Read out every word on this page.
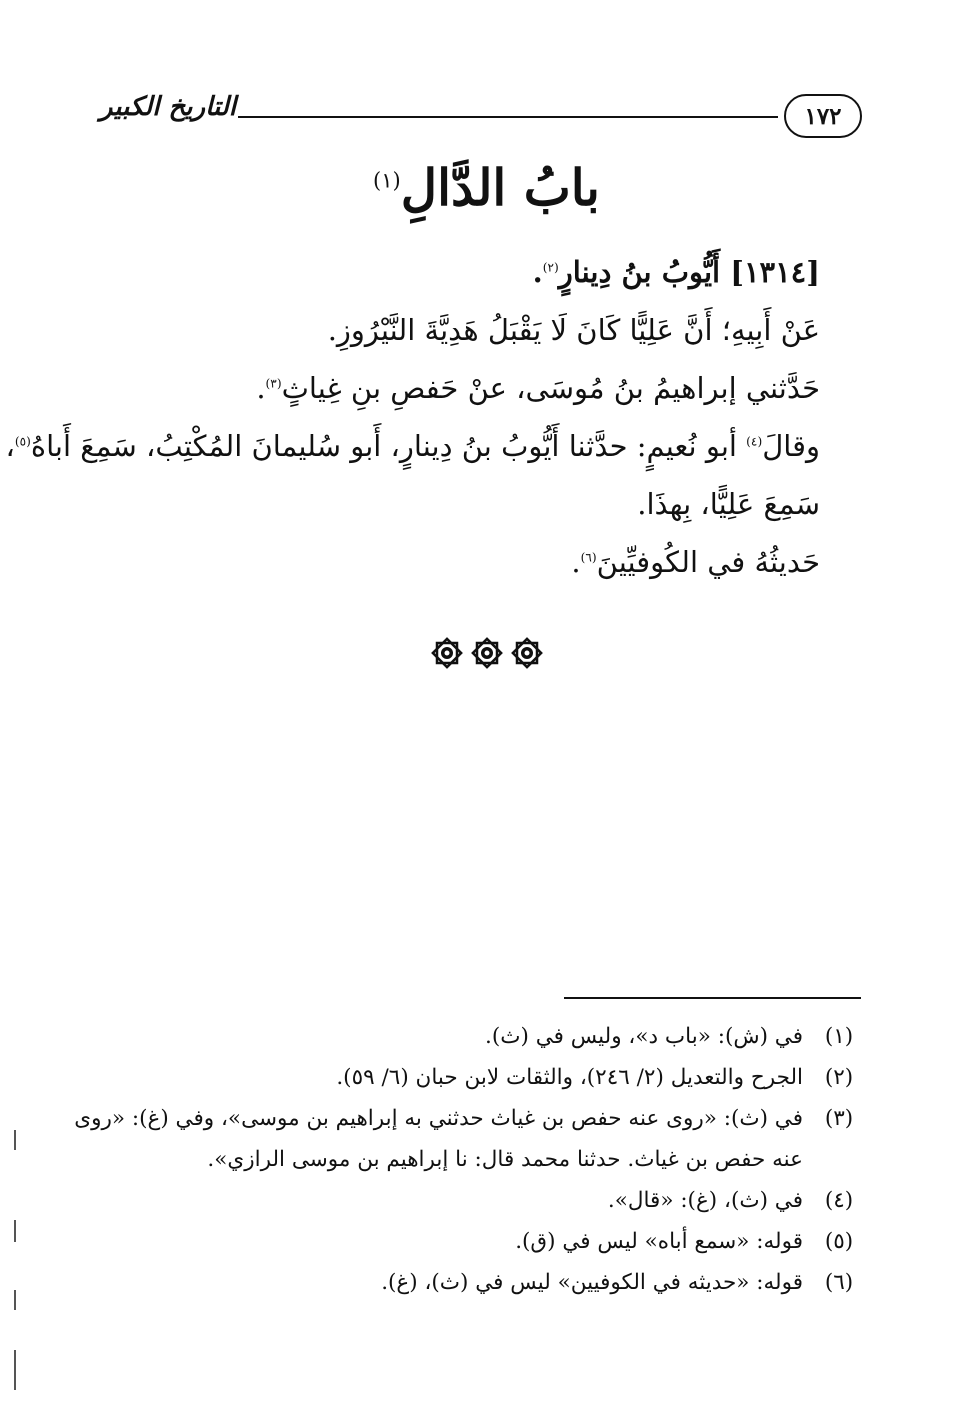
١٧٢
التاريخ الكبير
بابُ الدَّالِ$^{(١)}$
[١٣١٤] أَيُّوبُ بنُ دِينارٍ$^{(٢)}$.
عَنْ أَبِيهِ؛ أَنَّ عَلِيًّا كَانَ لَا يَقْبَلُ هَدِيَّةَ النَّيْرُوزِ.
حَدَّثني إبراهيمُ بنُ مُوسَى، عنْ حَفصِ بنِ غِياثٍ$^{(٣)}$.
وقالَ$^{(٤)}$ أبو نُعيمٍ: حدَّثنا أَيُّوبُ بنُ دِينارٍ، أَبو سُليمانَ المُكْتِبُ، سَمِعَ أَباهُ$^{(٥)}$،
سَمِعَ عَلِيًّا، بِهذَا.
حَديثُهُ في الكُوفيِّينَ$^{(٦)}$.
(١)
في (ش): «باب د»، وليس في (ث).
(٢)
الجرح والتعديل (٢/ ٢٤٦)، والثقات لابن حبان (٦/ ٥٩).
(٣)
في (ث): «روى عنه حفص بن غياث حدثني به إبراهيم بن موسى»، وفي (غ): «روى
عنه حفص بن غياث. حدثنا محمد قال: نا إبراهيم بن موسى الرازي».
(٤)
في (ث)، (غ): «قال».
(٥)
قوله: «سمع أباه» ليس في (ق).
(٦)
قوله: «حديثه في الكوفيين» ليس في (ث)، (غ).
